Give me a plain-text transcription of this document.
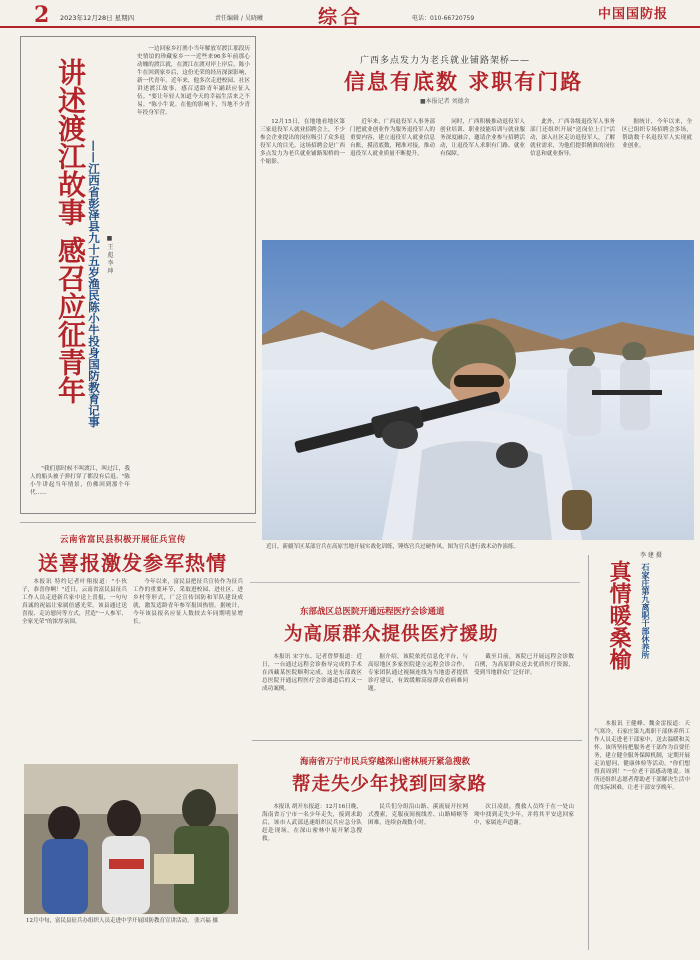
2 2023年12月28日 星期四	责任编辑 / 吴晓曦	综合	电话：010-66720759	中国国防报
讲述渡江故事 感召应征青年 ——江西省彭泽县九十五岁渔民陈小牛投身国防教育记事 ■ 王 彪 李 坤

一边回家乡打渔小当年解放军渡江那段历史情谊的珍藏家乡一一近些来96多年前那心动魄的渡江就，在渡江在渡对岸上岸后，陈小牛在回到家乡后，这份光荣的经历深深影响，新一代青年。近年来，他多次走进校园、社区讲述渡江故事，感召适龄青年踊跃应征入伍。"要让年轻人知道今天的幸福生活来之不易。"陈小牛说。在他的影响下，当地不少青年投身军营。

"我们那时候不叫渡江，叫过江，我人的船头被子弹打穿了都没有后退。"陈小牛讲起当年情景，仿佛回到那个年代……

广西多点发力为老兵就业铺路架桥——
信息有底数 求职有门路
■本报记者 刘德舍

12月15日，在地地看地区第三家退役军人就业招聘会上，不少参会企业提出的岗位吸引了众多退役军人的目光。这场招聘会是广西多点发力为老兵就业铺路架桥的一个缩影。

近年来，广西退役军人事务部门把就业创业作为服务退役军人的重要内容，建立退役军人就业信息台账，摸清底数，精准对接，推动退役军人就业质量不断提升。

同时，广西积极推动退役军人创业培训、职业技能培训与就业服务深度融合，邀请企业参与招聘活动，让退役军人求职有门路、就业有保障。

此外，广西各级退役军人事务部门还组织开展"送岗位上门"活动，深入社区走访退役军人，了解就业需求，为他们提供精准的岗位信息和就业指导。

据统计，今年以来，全区已组织专场招聘会多场，帮助数千名退役军人实现就业创业。

近日，新疆军区某部官兵在高原雪地开展实战化训练，锤炼官兵过硬作风。图为官兵进行战术动作演练。
李 建 摄
云南省富民县积极开展征兵宣传
送喜报激发参军热情

本报讯 特约记者叶翔报道："小伙子，恭喜你啊！"近日，云南省富民县征兵工作人员走进新兵家中送上喜报，一句句真诚的祝福让家属倍感光荣。该县通过送喜报、走访慰问等方式，营造"一人参军、全家光荣"的浓厚氛围。

今年以来，富民县把征兵宣传作为征兵工作的重要环节，采取进校园、进社区、进乡村等形式，广泛宣传国防和军队建设成就，激发适龄青年参军报国热情。据统计，今年该县报名应征人数较去年同期明显增长。

12月中旬，富民县征兵办组织人员走进中学开展国防教育宣讲活动。 张兴福 摄
东部战区总医院开通远程医疗会诊通道
为高原群众提供医疗援助

本报讯 宋宇东、记者曾梦报道：近日，一台通过远程会诊指导完成的手术在西藏某医院顺利完成。这是东部战区总医院开通远程医疗会诊通道后的又一成功案例。

据介绍，该院依托信息化平台，与高原地区多家医院建立远程会诊合作，专家团队通过视频连线为当地患者提供诊疗建议，有效缓解高原群众看病难问题。

截至目前，该院已开展远程会诊数百例，为高原群众送去优质医疗资源，受到当地群众广泛好评。

海南省万宁市民兵穿越深山密林展开紧急搜救
帮走失少年找到回家路

本报讯 胡开东报道：12月16日晚，海南省万宁市一名少年走失，接到求助后，该市人武部迅速组织民兵应急分队赶赴现场，在深山密林中展开紧急搜救。

民兵们分组沿山路、溪流展开拉网式搜索，克服夜间视线差、山路崎岖等困难，连续奋战数小时。

次日凌晨，搜救人员终于在一处山坳中找到走失少年，并将其平安送回家中，家属连声道谢。

真情暖桑榆 石家庄第九离职干部休养所

本报讯 王健峰、魏金雷报道：天气寒冷，石家庄第九离职干部休养所工作人员走进老干部家中，送去温暖和关怀。该所坚持把服务老干部作为首要任务，建立健全服务保障机制，定期开展走访慰问、健康体检等活动。"你们想得真周到！"一位老干部感动地说。该所还组织志愿者帮助老干部解决生活中的实际困难，让老干部安享晚年。
